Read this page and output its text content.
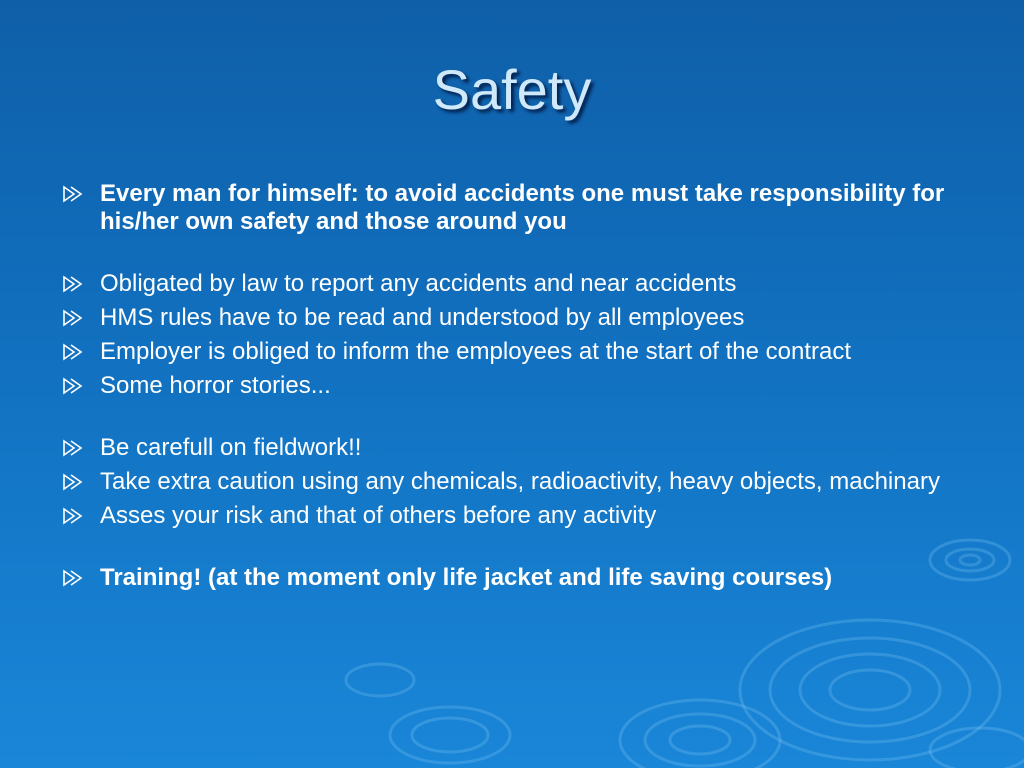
Safety
Every man for himself: to avoid accidents one must take responsibility for his/her own safety and those around you
Obligated by law to report any accidents and near accidents
HMS rules have to be read and understood by all employees
Employer is obliged to inform the employees at the start of the contract
Some horror stories...
Be carefull on fieldwork!!
Take extra caution using any chemicals, radioactivity, heavy objects, machinary
Asses your risk and that of others before any activity
Training! (at the moment only life jacket and life saving courses)
